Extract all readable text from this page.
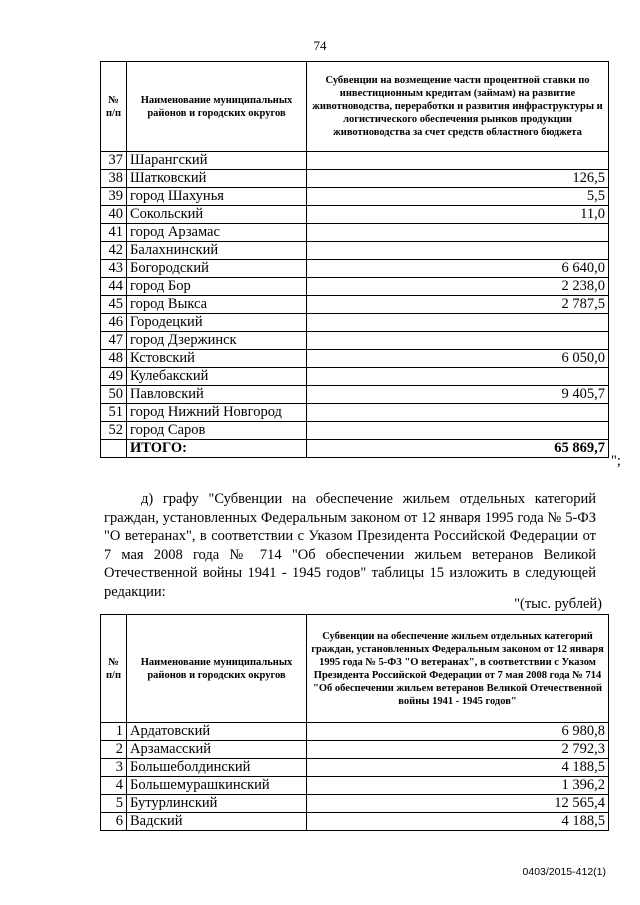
74
№ п/п	Наименование муниципальных районов и городских округов	Субвенции на возмещение части процентной ставки по инвестиционным кредитам (займам) на развитие животноводства, переработки и развития инфраструктуры и логистического обеспечения рынков продукции животноводства за счет средств областного бюджета
37	Шарангский	
38	Шатковский	126,5
39	город Шахунья	5,5
40	Сокольский	11,0
41	город Арзамас	
42	Балахнинский	
43	Богородский	6 640,0
44	город Бор	2 238,0
45	город Выкса	2 787,5
46	Городецкий	
47	город Дзержинск	
48	Кстовский	6 050,0
49	Кулебакский	
50	Павловский	9 405,7
51	город Нижний Новгород	
52	город Саров	
	ИТОГО:	65 869,7
";

д) графу "Субвенции на обеспечение жильем отдельных категорий граждан, установленных Федеральным законом от 12 января 1995 года № 5-ФЗ "О ветеранах", в соответствии с Указом Президента Российской Федерации от 7 мая 2008 года № 714 "Об обеспечении жильем ветеранов Великой Отечественной войны 1941 - 1945 годов" таблицы 15 изложить в следующей редакции:

"(тыс. рублей)
№ п/п	Наименование муниципальных районов и городских округов	Субвенции на обеспечение жильем отдельных категорий граждан, установленных Федеральным законом от 12 января 1995 года № 5-ФЗ "О ветеранах", в соответствии с Указом Президента Российской Федерации от 7 мая 2008 года № 714 "Об обеспечении жильем ветеранов Великой Отечественной войны 1941 - 1945 годов"
1	Ардатовский	6 980,8
2	Арзамасский	2 792,3
3	Большеболдинский	4 188,5
4	Большемурашкинский	1 396,2
5	Бутурлинский	12 565,4
6	Вадский	4 188,5
0403/2015-412(1)
